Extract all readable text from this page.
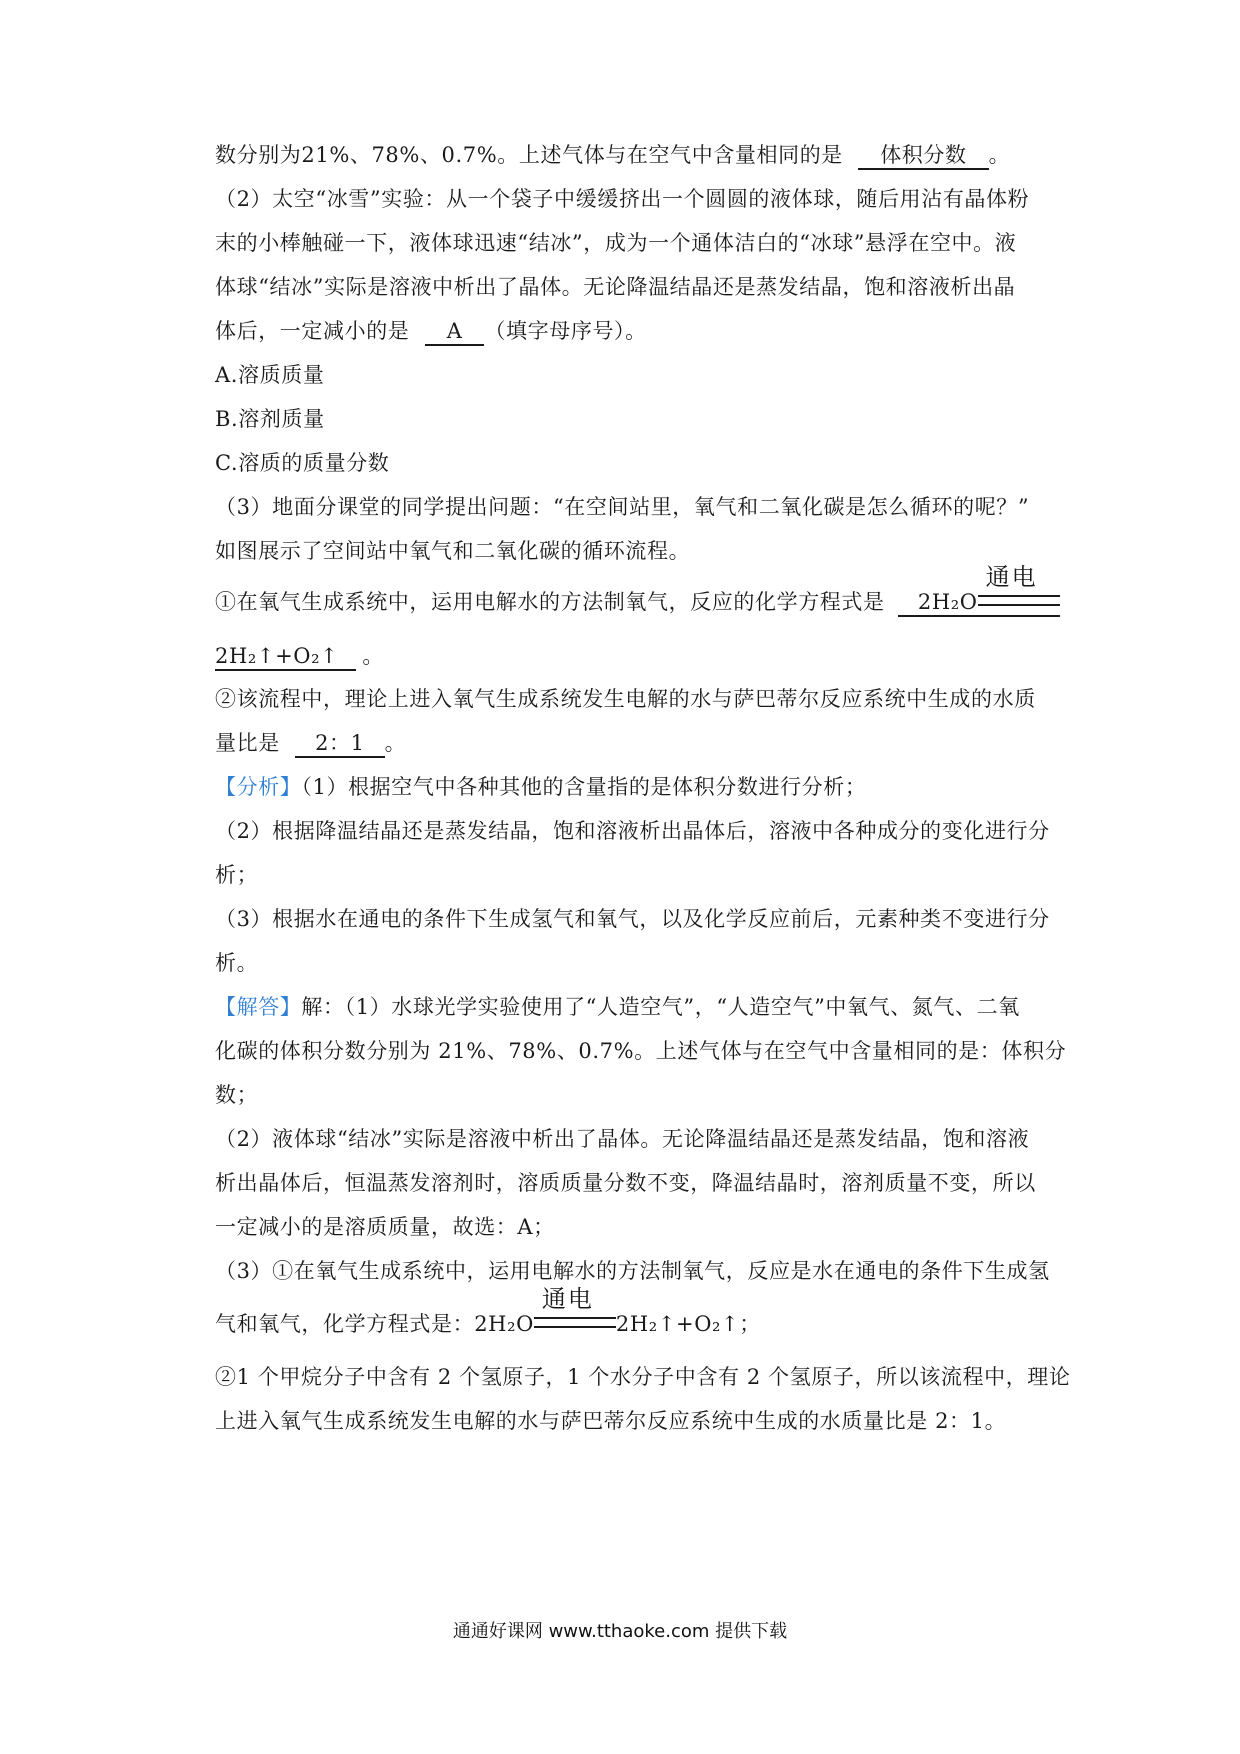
数分别为21%、78%、0.7%。上述气体与在空气中含量相同的是 体积分数 。
（2）太空“冰雪”实验：从一个袋子中缓缓挤出一个圆圆的液体球，随后用沾有晶体粉
末的小棒触碰一下，液体球迅速“结冰”，成为一个通体洁白的“冰球”悬浮在空中。液
体球“结冰”实际是溶液中析出了晶体。无论降温结晶还是蒸发结晶，饱和溶液析出晶
体后，一定减小的是 A （填字母序号）。
A.溶质质量
B.溶剂质量
C.溶质的质量分数
（3）地面分课堂的同学提出问题：“在空间站里，氧气和二氧化碳是怎么循环的呢？”
如图展示了空间站中氧气和二氧化碳的循环流程。
①在氧气生成系统中，运用电解水的方法制氧气，反应的化学方程式是 2H₂O
通电
2H₂↑+O₂↑ 。
②该流程中，理论上进入氧气生成系统发生电解的水与萨巴蒂尔反应系统中生成的水质
量比是 2：1 。
【分析】（1）根据空气中各种其他的含量指的是体积分数进行分析；
（2）根据降温结晶还是蒸发结晶，饱和溶液析出晶体后，溶液中各种成分的变化进行分
析；
（3）根据水在通电的条件下生成氢气和氧气，以及化学反应前后，元素种类不变进行分
析。
【解答】解：（1）水球光学实验使用了“人造空气”，“人造空气”中氧气、氮气、二氧
化碳的体积分数分别为 21%、78%、0.7%。上述气体与在空气中含量相同的是：体积分
数；
（2）液体球“结冰”实际是溶液中析出了晶体。无论降温结晶还是蒸发结晶，饱和溶液
析出晶体后，恒温蒸发溶剂时，溶质质量分数不变，降温结晶时，溶剂质量不变，所以
一定减小的是溶质质量，故选：A；
（3）①在氧气生成系统中，运用电解水的方法制氧气，反应是水在通电的条件下生成氢
气和氧气，化学方程式是：2H₂O
通电
2H₂↑+O₂↑；
②1 个甲烷分子中含有 2 个氢原子，1 个水分子中含有 2 个氢原子，所以该流程中，理论
上进入氧气生成系统发生电解的水与萨巴蒂尔反应系统中生成的水质量比是 2：1。
通通好课网 www.tthaoke.com 提供下载
